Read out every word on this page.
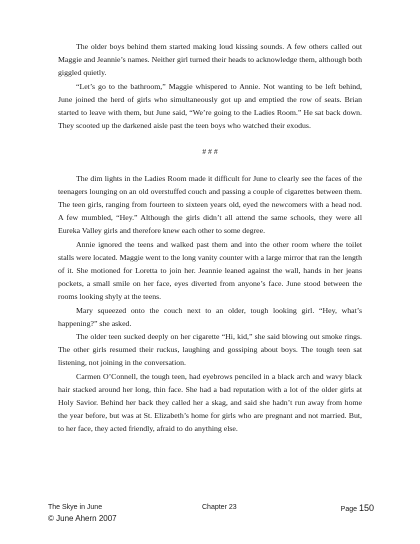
The older boys behind them started making loud kissing sounds. A few others called out Maggie and Jeannie’s names. Neither girl turned their heads to acknowledge them, although both giggled quietly.

“Let’s go to the bathroom,” Maggie whispered to Annie. Not wanting to be left behind, June joined the herd of girls who simultaneously got up and emptied the row of seats. Brian started to leave with them, but June said, “We’re going to the Ladies Room.” He sat back down. They scooted up the darkened aisle past the teen boys who watched their exodus.

# # #

The dim lights in the Ladies Room made it difficult for June to clearly see the faces of the teenagers lounging on an old overstuffed couch and passing a couple of cigarettes between them. The teen girls, ranging from fourteen to sixteen years old, eyed the newcomers with a head nod. A few mumbled, “Hey.” Although the girls didn’t all attend the same schools, they were all Eureka Valley girls and therefore knew each other to some degree.

Annie ignored the teens and walked past them and into the other room where the toilet stalls were located. Maggie went to the long vanity counter with a large mirror that ran the length of it. She motioned for Loretta to join her. Jeannie leaned against the wall, hands in her jeans pockets, a small smile on her face, eyes diverted from anyone’s face. June stood between the rooms looking shyly at the teens.

Mary squeezed onto the couch next to an older, tough looking girl. “Hey, what’s happening?” she asked.

The older teen sucked deeply on her cigarette “Hi, kid,” she said blowing out smoke rings. The other girls resumed their ruckus, laughing and gossiping about boys. The tough teen sat listening, not joining in the conversation.

Carmen O’Connell, the tough teen, had eyebrows penciled in a black arch and wavy black hair stacked around her long, thin face. She had a bad reputation with a lot of the older girls at Holy Savior. Behind her back they called her a skag, and said she hadn’t run away from home the year before, but was at St. Elizabeth’s home for girls who are pregnant and not married. But, to her face, they acted friendly, afraid to do anything else.

The Skye in June
© June Ahern 2007
Chapter 23	Page 150
